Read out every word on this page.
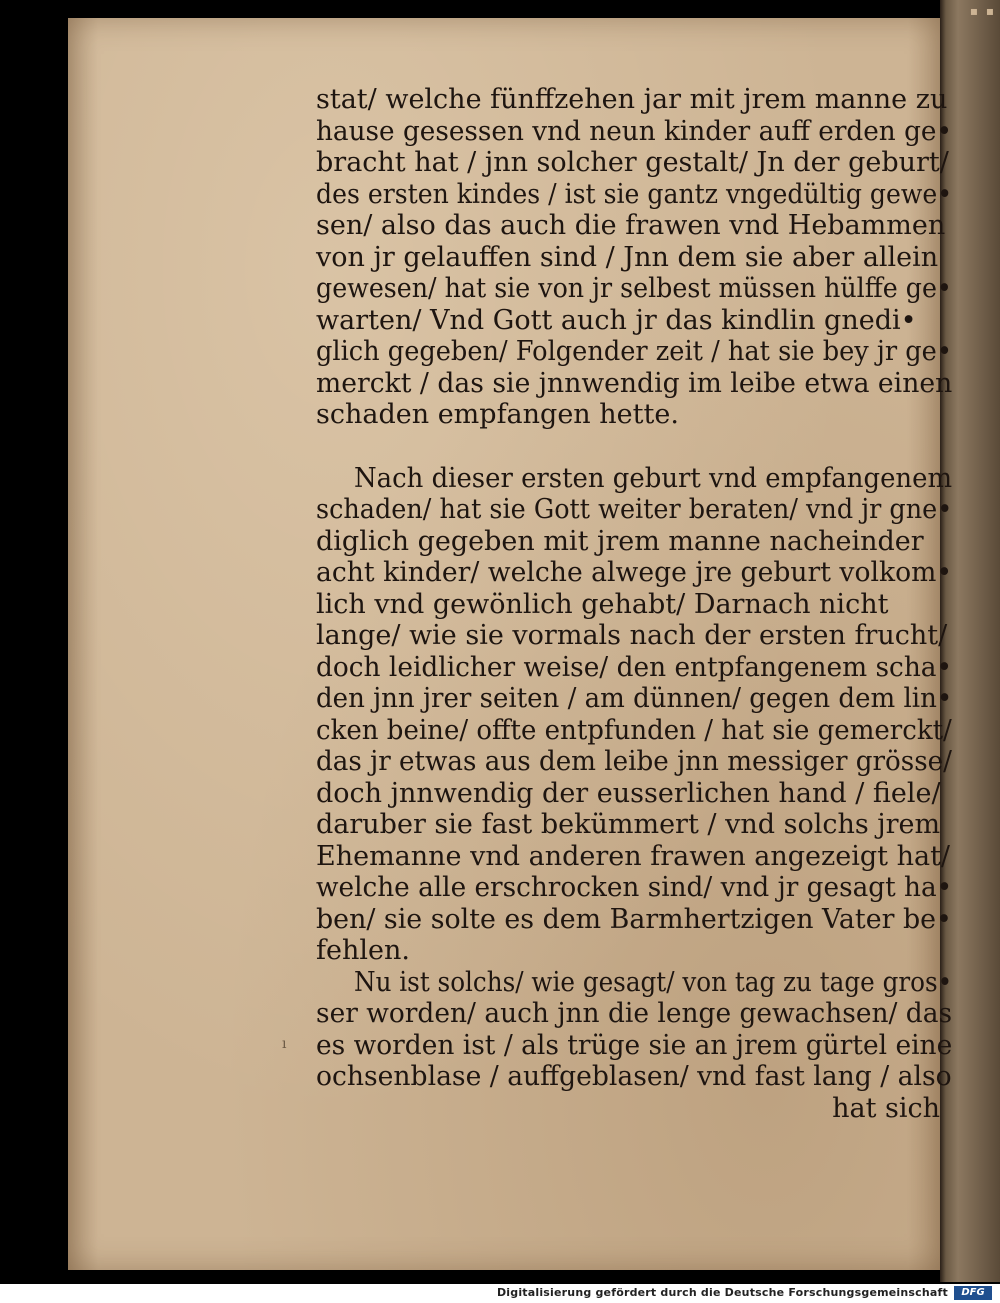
▪ ▪
ı
stat/ welche fünffzehen jar mit jrem manne zu
hause gesessen vnd neun kinder auff erden ge•
bracht hat / jnn solcher gestalt/ Jn der geburt/
des ersten kindes / ist sie gantz vngedültig gewe•
sen/ also das auch die frawen vnd Hebammen
von jr gelauffen sind / Jnn dem sie aber allein
gewesen/ hat sie von jr selbest müssen hülffe ge•
warten/ Vnd Gott auch jr das kindlin gnedi•
glich gegeben/ Folgender zeit / hat sie bey jr ge•
merckt / das sie jnnwendig im leibe etwa einen
schaden empfangen hette.
Nach dieser ersten geburt vnd empfangenem
schaden/ hat sie Gott weiter beraten/ vnd jr gne•
diglich gegeben mit jrem manne nacheinder
acht kinder/ welche alwege jre geburt volkom•
lich vnd gewönlich gehabt/ Darnach nicht
lange/ wie sie vormals nach der ersten frucht/
doch leidlicher weise/ den entpfangenem scha•
den jnn jrer seiten / am dünnen/ gegen dem lin•
cken beine/ offte entpfunden / hat sie gemerckt/
das jr etwas aus dem leibe jnn messiger grösse/
doch jnnwendig der eusserlichen hand / fiele/
daruber sie fast bekümmert / vnd solchs jrem
Ehemanne vnd anderen frawen angezeigt hat/
welche alle erschrocken sind/ vnd jr gesagt ha•
ben/ sie solte es dem Barmhertzigen Vater be•
fehlen.
Nu ist solchs/ wie gesagt/ von tag zu tage gros•
ser worden/ auch jnn die lenge gewachsen/ das
es worden ist / als trüge sie an jrem gürtel eine
ochsenblase / auffgeblasen/ vnd fast lang / also
hat sich
Digitalisierung gefördert durch die Deutsche Forschungsgemeinschaft	DFG
